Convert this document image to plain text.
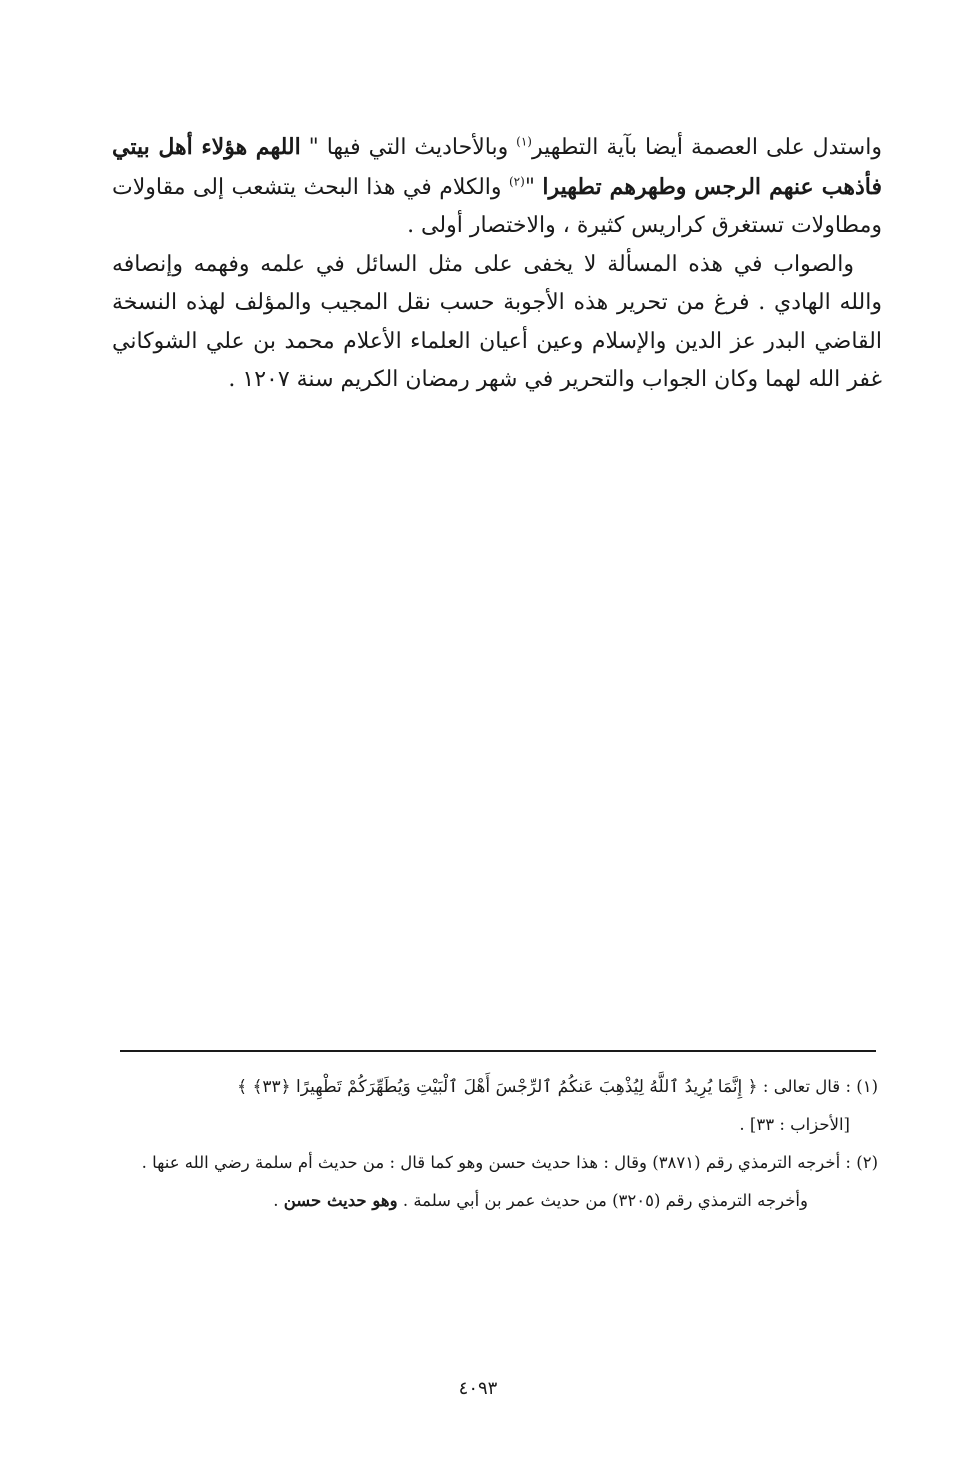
واستدل على العصمة أيضا بآية التطهير$^{(١)}$ وبالأحاديث التي فيها " اللهم هؤلاء أهل بيتي فأذهب عنهم الرجس وطهرهم تطهيرا "$^{(٢)}$ والكلام في هذا البحث يتشعب إلى مقاولات ومطاولات تستغرق كراريس كثيرة ، والاختصار أولى .

والصواب في هذه المسألة لا يخفى على مثل السائل في علمه وفهمه وإنصافه والله الهادي . فرغ من تحرير هذه الأجوبة حسب نقل المجيب والمؤلف لهذه النسخة القاضي البدر عز الدين والإسلام وعين أعيان العلماء الأعلام محمد بن علي الشوكاني غفر الله لهما وكان الجواب والتحرير في شهر رمضان الكريم سنة ١٢٠٧ .

(١) : قال تعالى : ﴿ إِنَّمَا يُرِيدُ ٱللَّهُ لِيُذْهِبَ عَنكُمُ ٱلرِّجْسَ أَهْلَ ٱلْبَيْتِ وَيُطَهِّرَكُمْ تَطْهِيرًا ﴿٣٣﴾ ﴾

[الأحزاب : ٣٣] .

(٢) : أخرجه الترمذي رقم (٣٨٧١) وقال : هذا حديث حسن وهو كما قال : من حديث أم سلمة رضي الله عنها .

وأخرجه الترمذي رقم (٣٢٠٥) من حديث عمر بن أبي سلمة . وهو حديث حسن .

٤٠٩٣
